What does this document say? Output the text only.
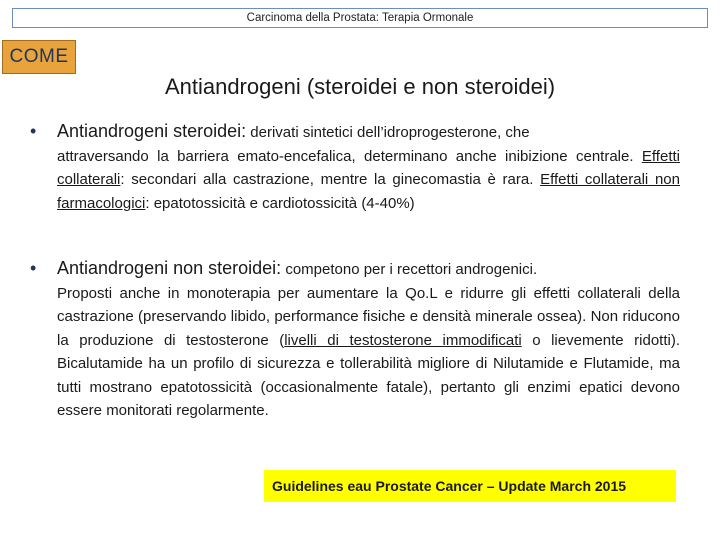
Carcinoma della Prostata: Terapia Ormonale
COME
Antiandrogeni (steroidei e non steroidei)
• Antiandrogeni steroidei: derivati sintetici dell’idroprogesterone, che
attraversando la barriera emato-encefalica, determinano anche inibizione centrale. Effetti collaterali: secondari alla castrazione, mentre la ginecomastia è rara. Effetti collaterali non farmacologici: epatotossicità e cardiotossicità (4-40%)
• Antiandrogeni non steroidei: competono per i recettori androgenici.
Proposti anche in monoterapia per aumentare la Qo.L e ridurre gli effetti collaterali della castrazione (preservando libido, performance fisiche e densità minerale ossea). Non riducono la produzione di testosterone (livelli di testosterone immodificati o lievemente ridotti). Bicalutamide ha un profilo di sicurezza e tollerabilità migliore di Nilutamide e Flutamide, ma tutti mostrano epatotossicità (occasionalmente fatale), pertanto gli enzimi epatici devono essere monitorati regolarmente.
Guidelines eau Prostate Cancer – Update March 2015
